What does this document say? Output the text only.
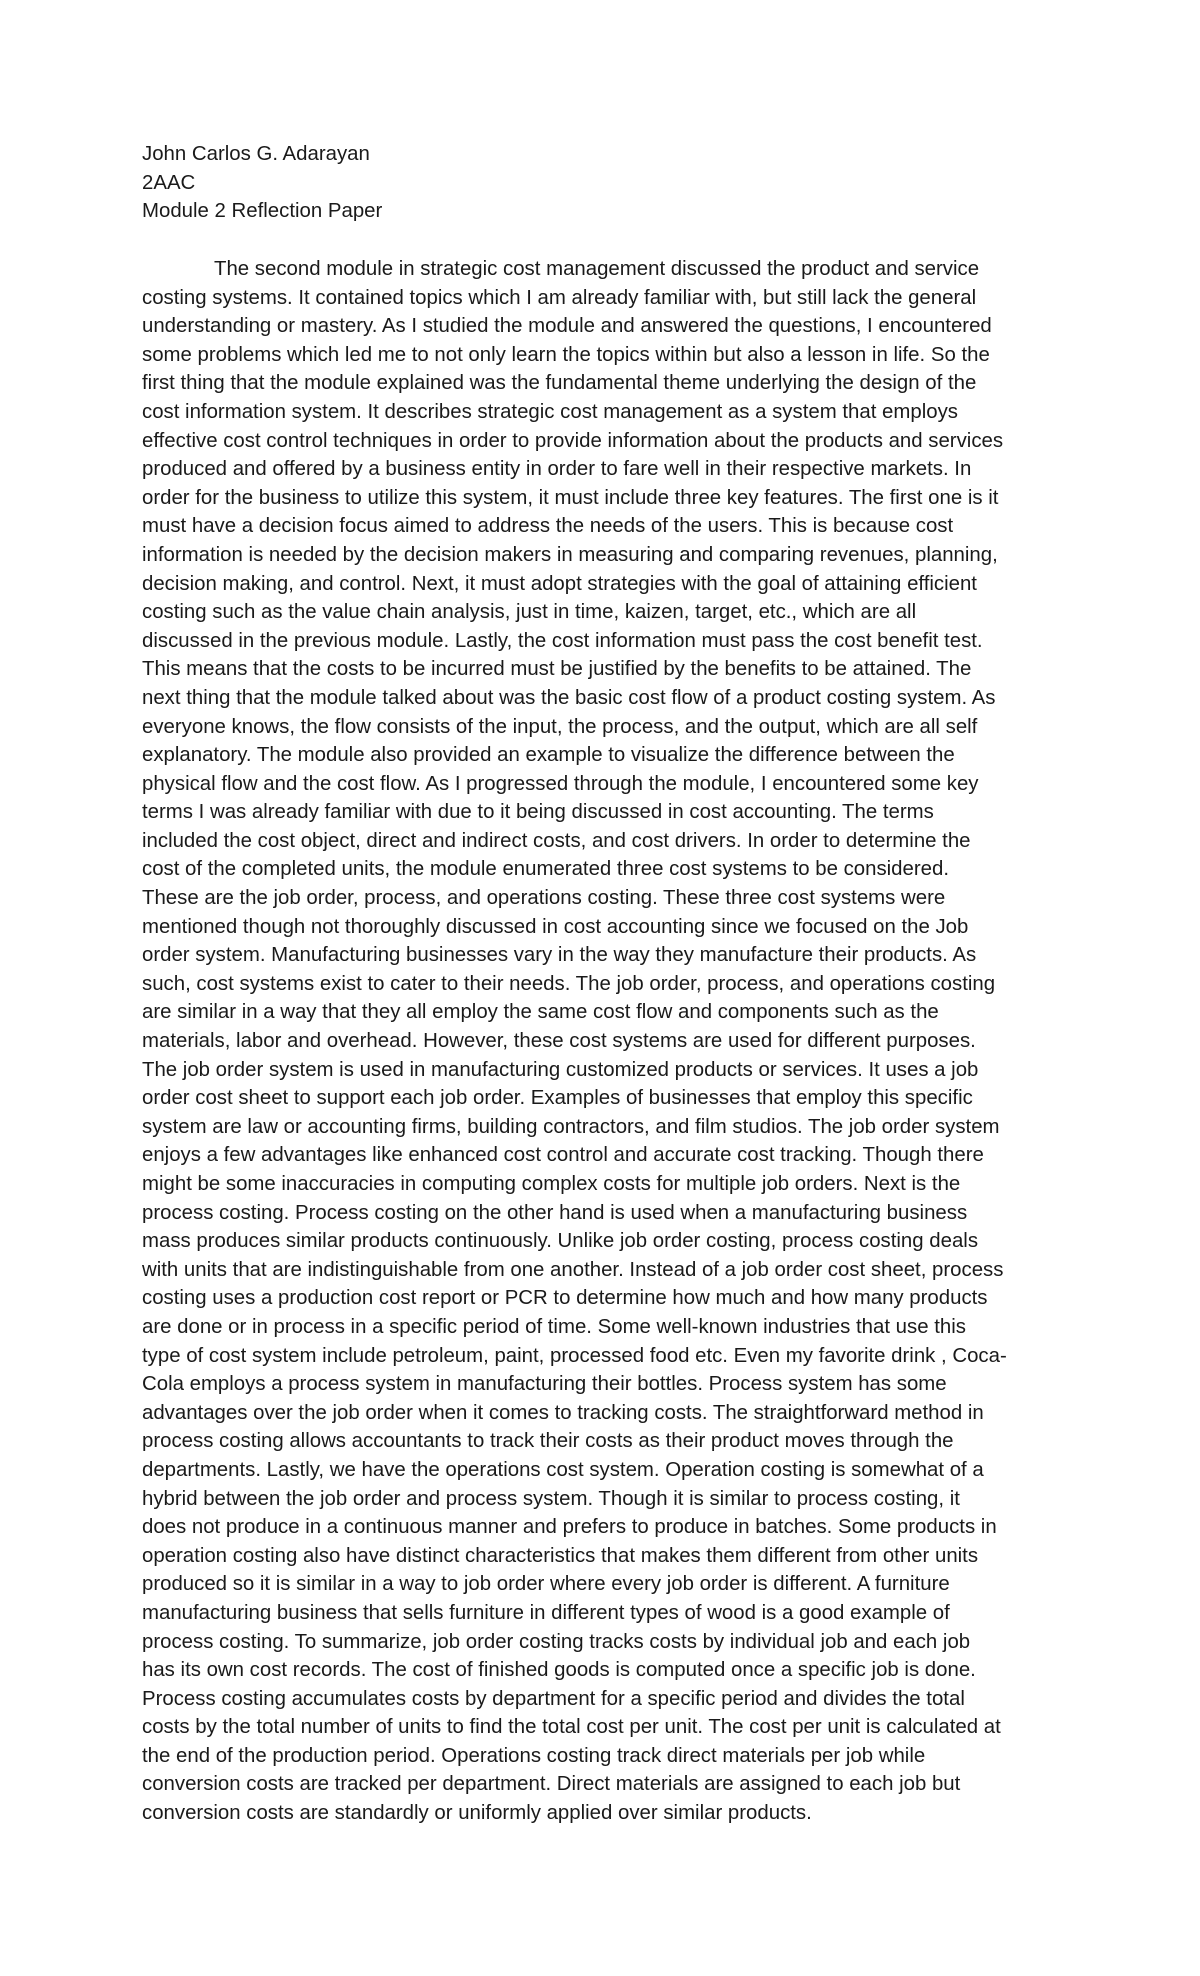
John Carlos G. Adarayan
2AAC
Module 2 Reflection Paper
The second module in strategic cost management discussed the product and service
costing systems. It contained topics which I am already familiar with, but still lack the general
understanding or mastery. As I studied the module and answered the questions, I encountered
some problems which led me to not only learn the topics within but also a lesson in life. So the
first thing that the module explained was the fundamental theme underlying the design of the
cost information system. It describes strategic cost management as a system that employs
effective cost control techniques in order to provide information about the products and services
produced and offered by a business entity in order to fare well in their respective markets. In
order for the business to utilize this system, it must include three key features. The first one is it
must have a decision focus aimed to address the needs of the users. This is because cost
information is needed by the decision makers in measuring and comparing revenues, planning,
decision making, and control. Next, it must adopt strategies with the goal of attaining efficient
costing such as the value chain analysis, just in time, kaizen, target, etc., which are all
discussed in the previous module. Lastly, the cost information must pass the cost benefit test.
This means that the costs to be incurred must be justified by the benefits to be attained. The
next thing that the module talked about was the basic cost flow of a product costing system. As
everyone knows, the flow consists of the input, the process, and the output, which are all self
explanatory. The module also provided an example to visualize the difference between the
physical flow and the cost flow. As I progressed through the module, I encountered some key
terms I was already familiar with due to it being discussed in cost accounting. The terms
included the cost object, direct and indirect costs, and cost drivers. In order to determine the
cost of the completed units, the module enumerated three cost systems to be considered.
These are the job order, process, and operations costing. These three cost systems were
mentioned though not thoroughly discussed in cost accounting since we focused on the Job
order system. Manufacturing businesses vary in the way they manufacture their products. As
such, cost systems exist to cater to their needs. The job order, process, and operations costing
are similar in a way that they all employ the same cost flow and components such as the
materials, labor and overhead. However, these cost systems are used for different purposes.
The job order system is used in manufacturing customized products or services. It uses a job
order cost sheet to support each job order. Examples of businesses that employ this specific
system are law or accounting firms, building contractors, and film studios. The job order system
enjoys a few advantages like enhanced cost control and accurate cost tracking. Though there
might be some inaccuracies in computing complex costs for multiple job orders. Next is the
process costing. Process costing on the other hand is used when a manufacturing business
mass produces similar products continuously. Unlike job order costing, process costing deals
with units that are indistinguishable from one another. Instead of a job order cost sheet, process
costing uses a production cost report or PCR to determine how much and how many products
are done or in process in a specific period of time. Some well-known industries that use this
type of cost system include petroleum, paint, processed food etc. Even my favorite drink , Coca-
Cola employs a process system in manufacturing their bottles. Process system has some
advantages over the job order when it comes to tracking costs. The straightforward method in
process costing allows accountants to track their costs as their product moves through the
departments. Lastly, we have the operations cost system. Operation costing is somewhat of a
hybrid between the job order and process system. Though it is similar to process costing, it
does not produce in a continuous manner and prefers to produce in batches. Some products in
operation costing also have distinct characteristics that makes them different from other units
produced so it is similar in a way to job order where every job order is different. A furniture
manufacturing business that sells furniture in different types of wood is a good example of
process costing. To summarize, job order costing tracks costs by individual job and each job
has its own cost records. The cost of finished goods is computed once a specific job is done.
Process costing accumulates costs by department for a specific period and divides the total
costs by the total number of units to find the total cost per unit. The cost per unit is calculated at
the end of the production period. Operations costing track direct materials per job while
conversion costs are tracked per department. Direct materials are assigned to each job but
conversion costs are standardly or uniformly applied over similar products.
